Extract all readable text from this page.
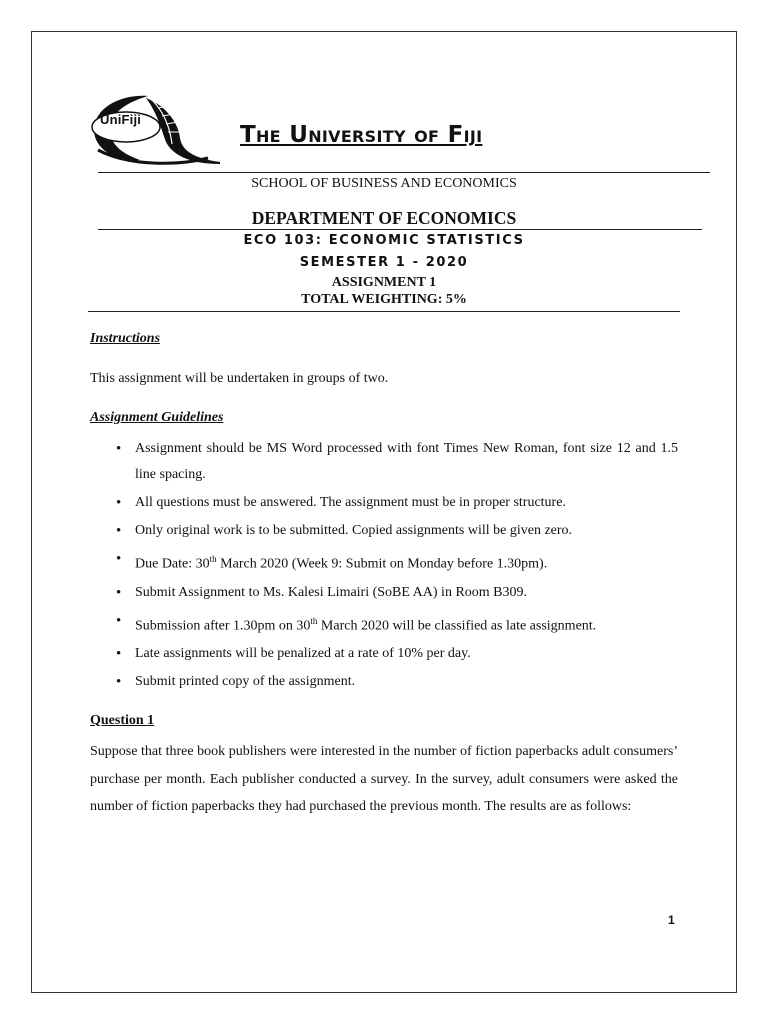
UniFiji
The University of Fiji

SCHOOL OF BUSINESS AND ECONOMICS

DEPARTMENT OF ECONOMICS

ECO 103: ECONOMIC STATISTICS

SEMESTER 1 - 2020

ASSIGNMENT 1

TOTAL WEIGHTING: 5%

Instructions

This assignment will be undertaken in groups of two.

Assignment Guidelines

• Assignment should be MS Word processed with font Times New Roman, font size 12 and 1.5 line spacing.
• All questions must be answered. The assignment must be in proper structure.
• Only original work is to be submitted. Copied assignments will be given zero.
• Due Date: 30th March 2020 (Week 9: Submit on Monday before 1.30pm).
• Submit Assignment to Ms. Kalesi Limairi (SoBE AA) in Room B309.
• Submission after 1.30pm on 30th March 2020 will be classified as late assignment.
• Late assignments will be penalized at a rate of 10% per day.
• Submit printed copy of the assignment.

Question 1

Suppose that three book publishers were interested in the number of fiction paperbacks adult consumers’ purchase per month. Each publisher conducted a survey. In the survey, adult consumers were asked the number of fiction paperbacks they had purchased the previous month. The results are as follows:

1
